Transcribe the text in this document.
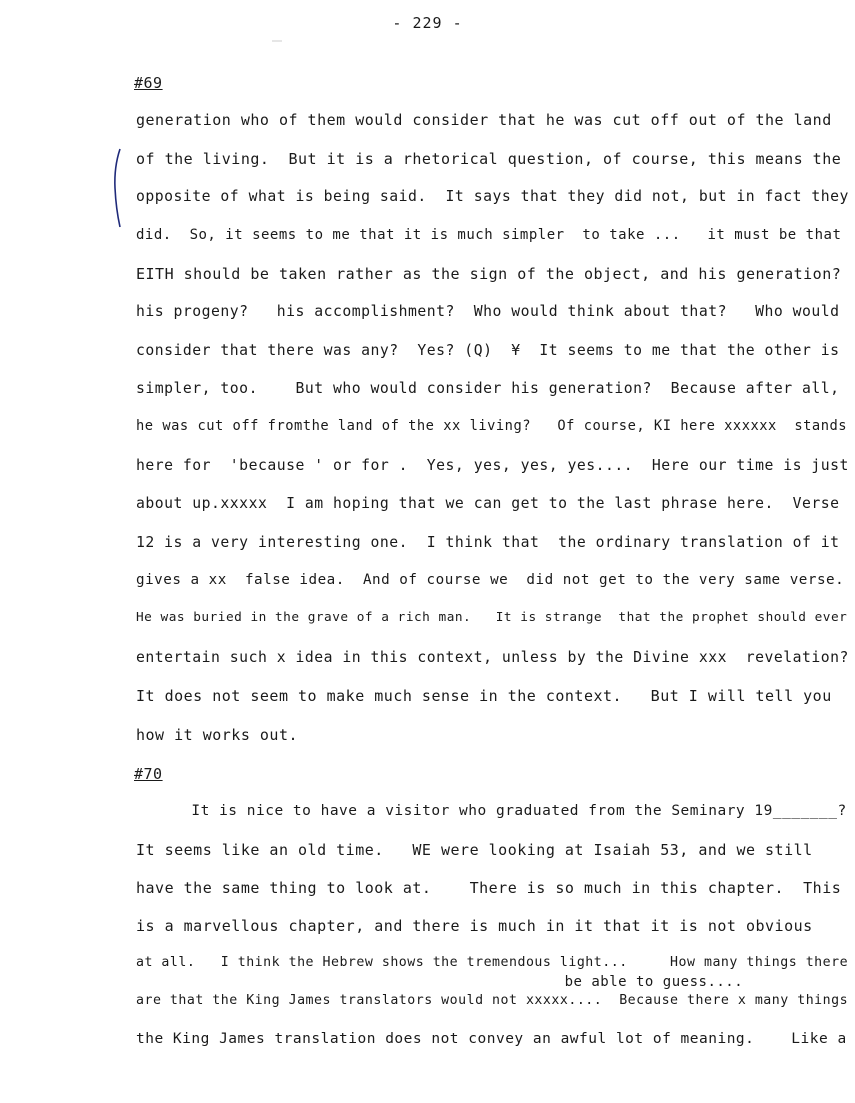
- 229 -
#69
generation who of them would consider that he was cut off out of the land
of the living.  But it is a rhetorical question, of course, this means the
opposite of what is being said.  It says that they did not, but in fact they
did.  So, it seems to me that it is much simpler  to take ...   it must be that
EITH should be taken rather as the sign of the object, and his generation?
his progeny?   his accomplishment?  Who would think about that?   Who would
consider that there was any?  Yes? (Q)  ¥  It seems to me that the other is
simpler, too.    But who would consider his generation?  Because after all,
he was cut off fromthe land of the xx living?   Of course, KI here xxxxxx  stands
here for  'because ' or for .  Yes, yes, yes, yes....  Here our time is just
about up.xxxxx  I am hoping that we can get to the last phrase here.  Verse
12 is a very interesting one.  I think that  the ordinary translation of it
gives a xx  false idea.  And of course we  did not get to the very same verse.
He was buried in the grave of a rich man.   It is strange  that the prophet should ever
entertain such x idea in this context, unless by the Divine xxx  revelation?
It does not seem to make much sense in the context.   But I will tell you
how it works out.
#70
It is nice to have a visitor who graduated from the Seminary 19_______?
It seems like an old time.   WE were looking at Isaiah 53, and we still
have the same thing to look at.    There is so much in this chapter.  This
is a marvellous chapter, and there is much in it that it is not obvious
at all.   I think the Hebrew shows the tremendous light...     How many things there
be able to guess....
are that the King James translators would not xxxxx....  Because there x many things
the King James translation does not convey an awful lot of meaning.    Like a
